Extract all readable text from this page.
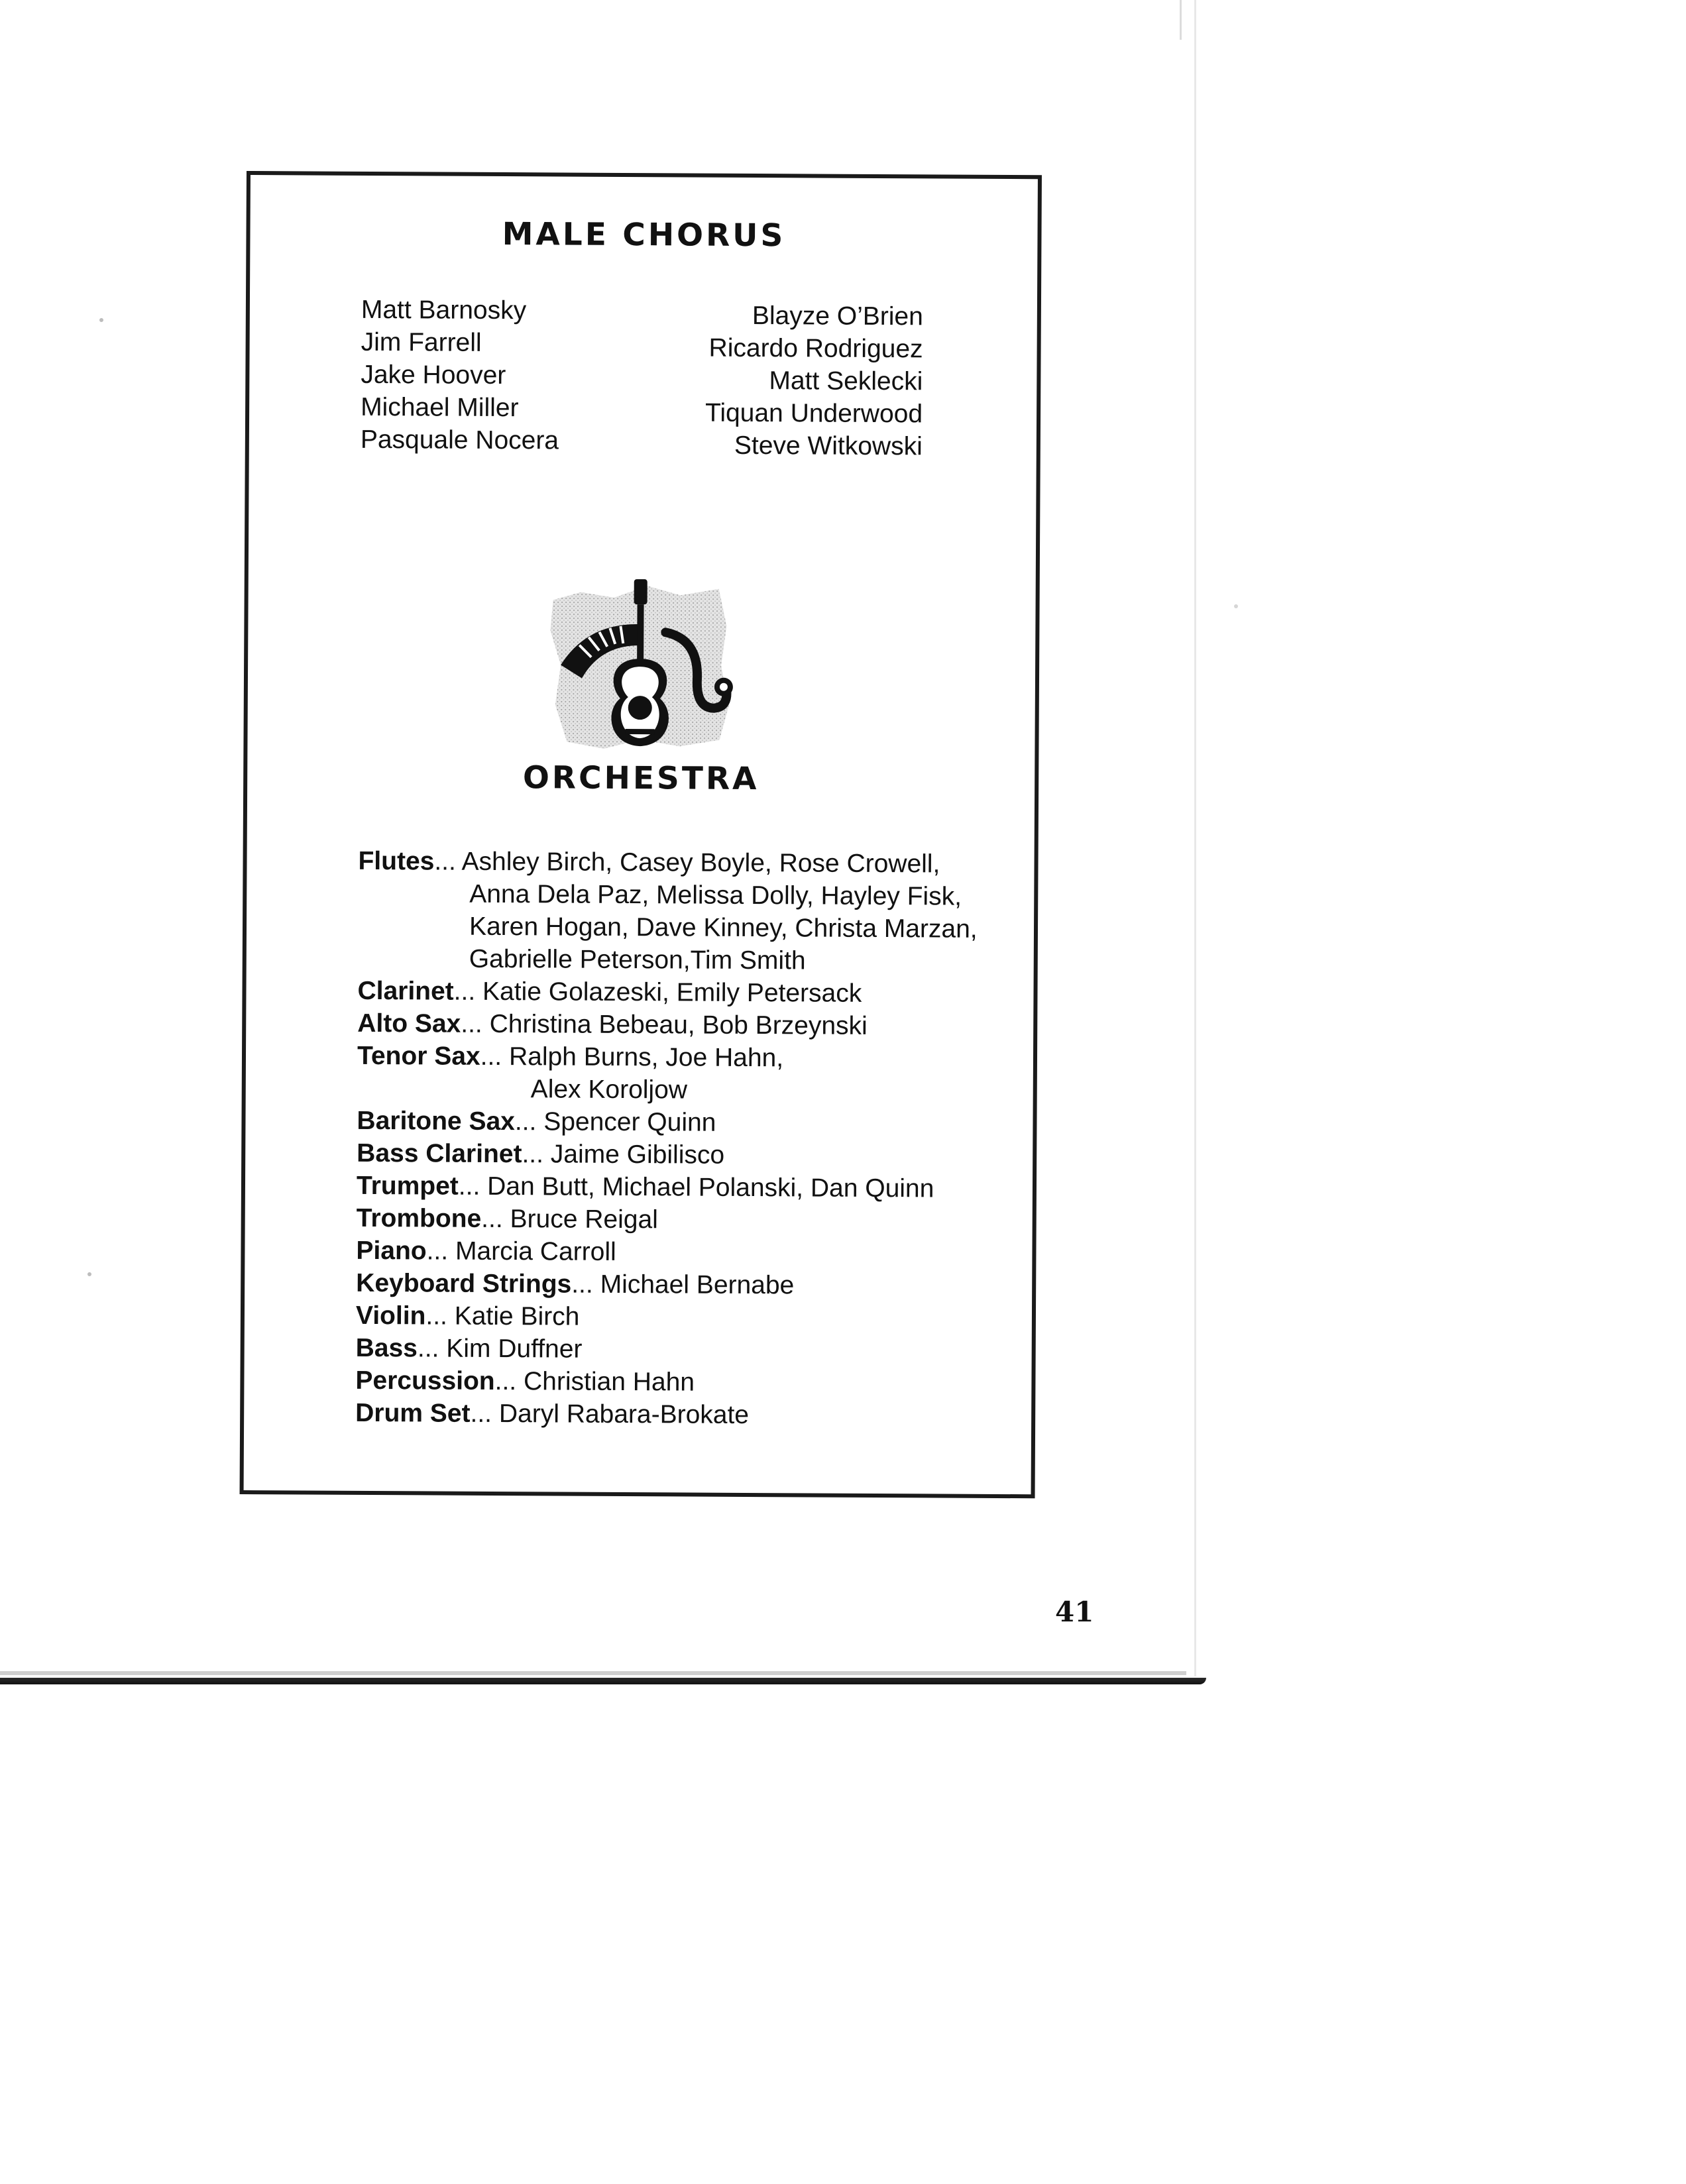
MALE CHORUS
Matt Barnosky
Jim Farrell
Jake Hoover
Michael Miller
Pasquale Nocera
Blayze O’Brien
Ricardo Rodriguez
Matt Seklecki
Tiquan Underwood
Steve Witkowski
ORCHESTRA
Flutes... Ashley Birch, Casey Boyle, Rose Crowell,
Anna Dela Paz, Melissa Dolly, Hayley Fisk,
Karen Hogan, Dave Kinney, Christa Marzan,
Gabrielle Peterson,Tim Smith
Clarinet... Katie Golazeski, Emily Petersack
Alto Sax... Christina Bebeau, Bob Brzeynski
Tenor Sax... Ralph Burns, Joe Hahn,
Alex Koroljow
Baritone Sax... Spencer Quinn
Bass Clarinet... Jaime Gibilisco
Trumpet... Dan Butt, Michael Polanski, Dan Quinn
Trombone... Bruce Reigal
Piano... Marcia Carroll
Keyboard Strings... Michael Bernabe
Violin... Katie Birch
Bass... Kim Duffner
Percussion... Christian Hahn
Drum Set... Daryl Rabara-Brokate
41
